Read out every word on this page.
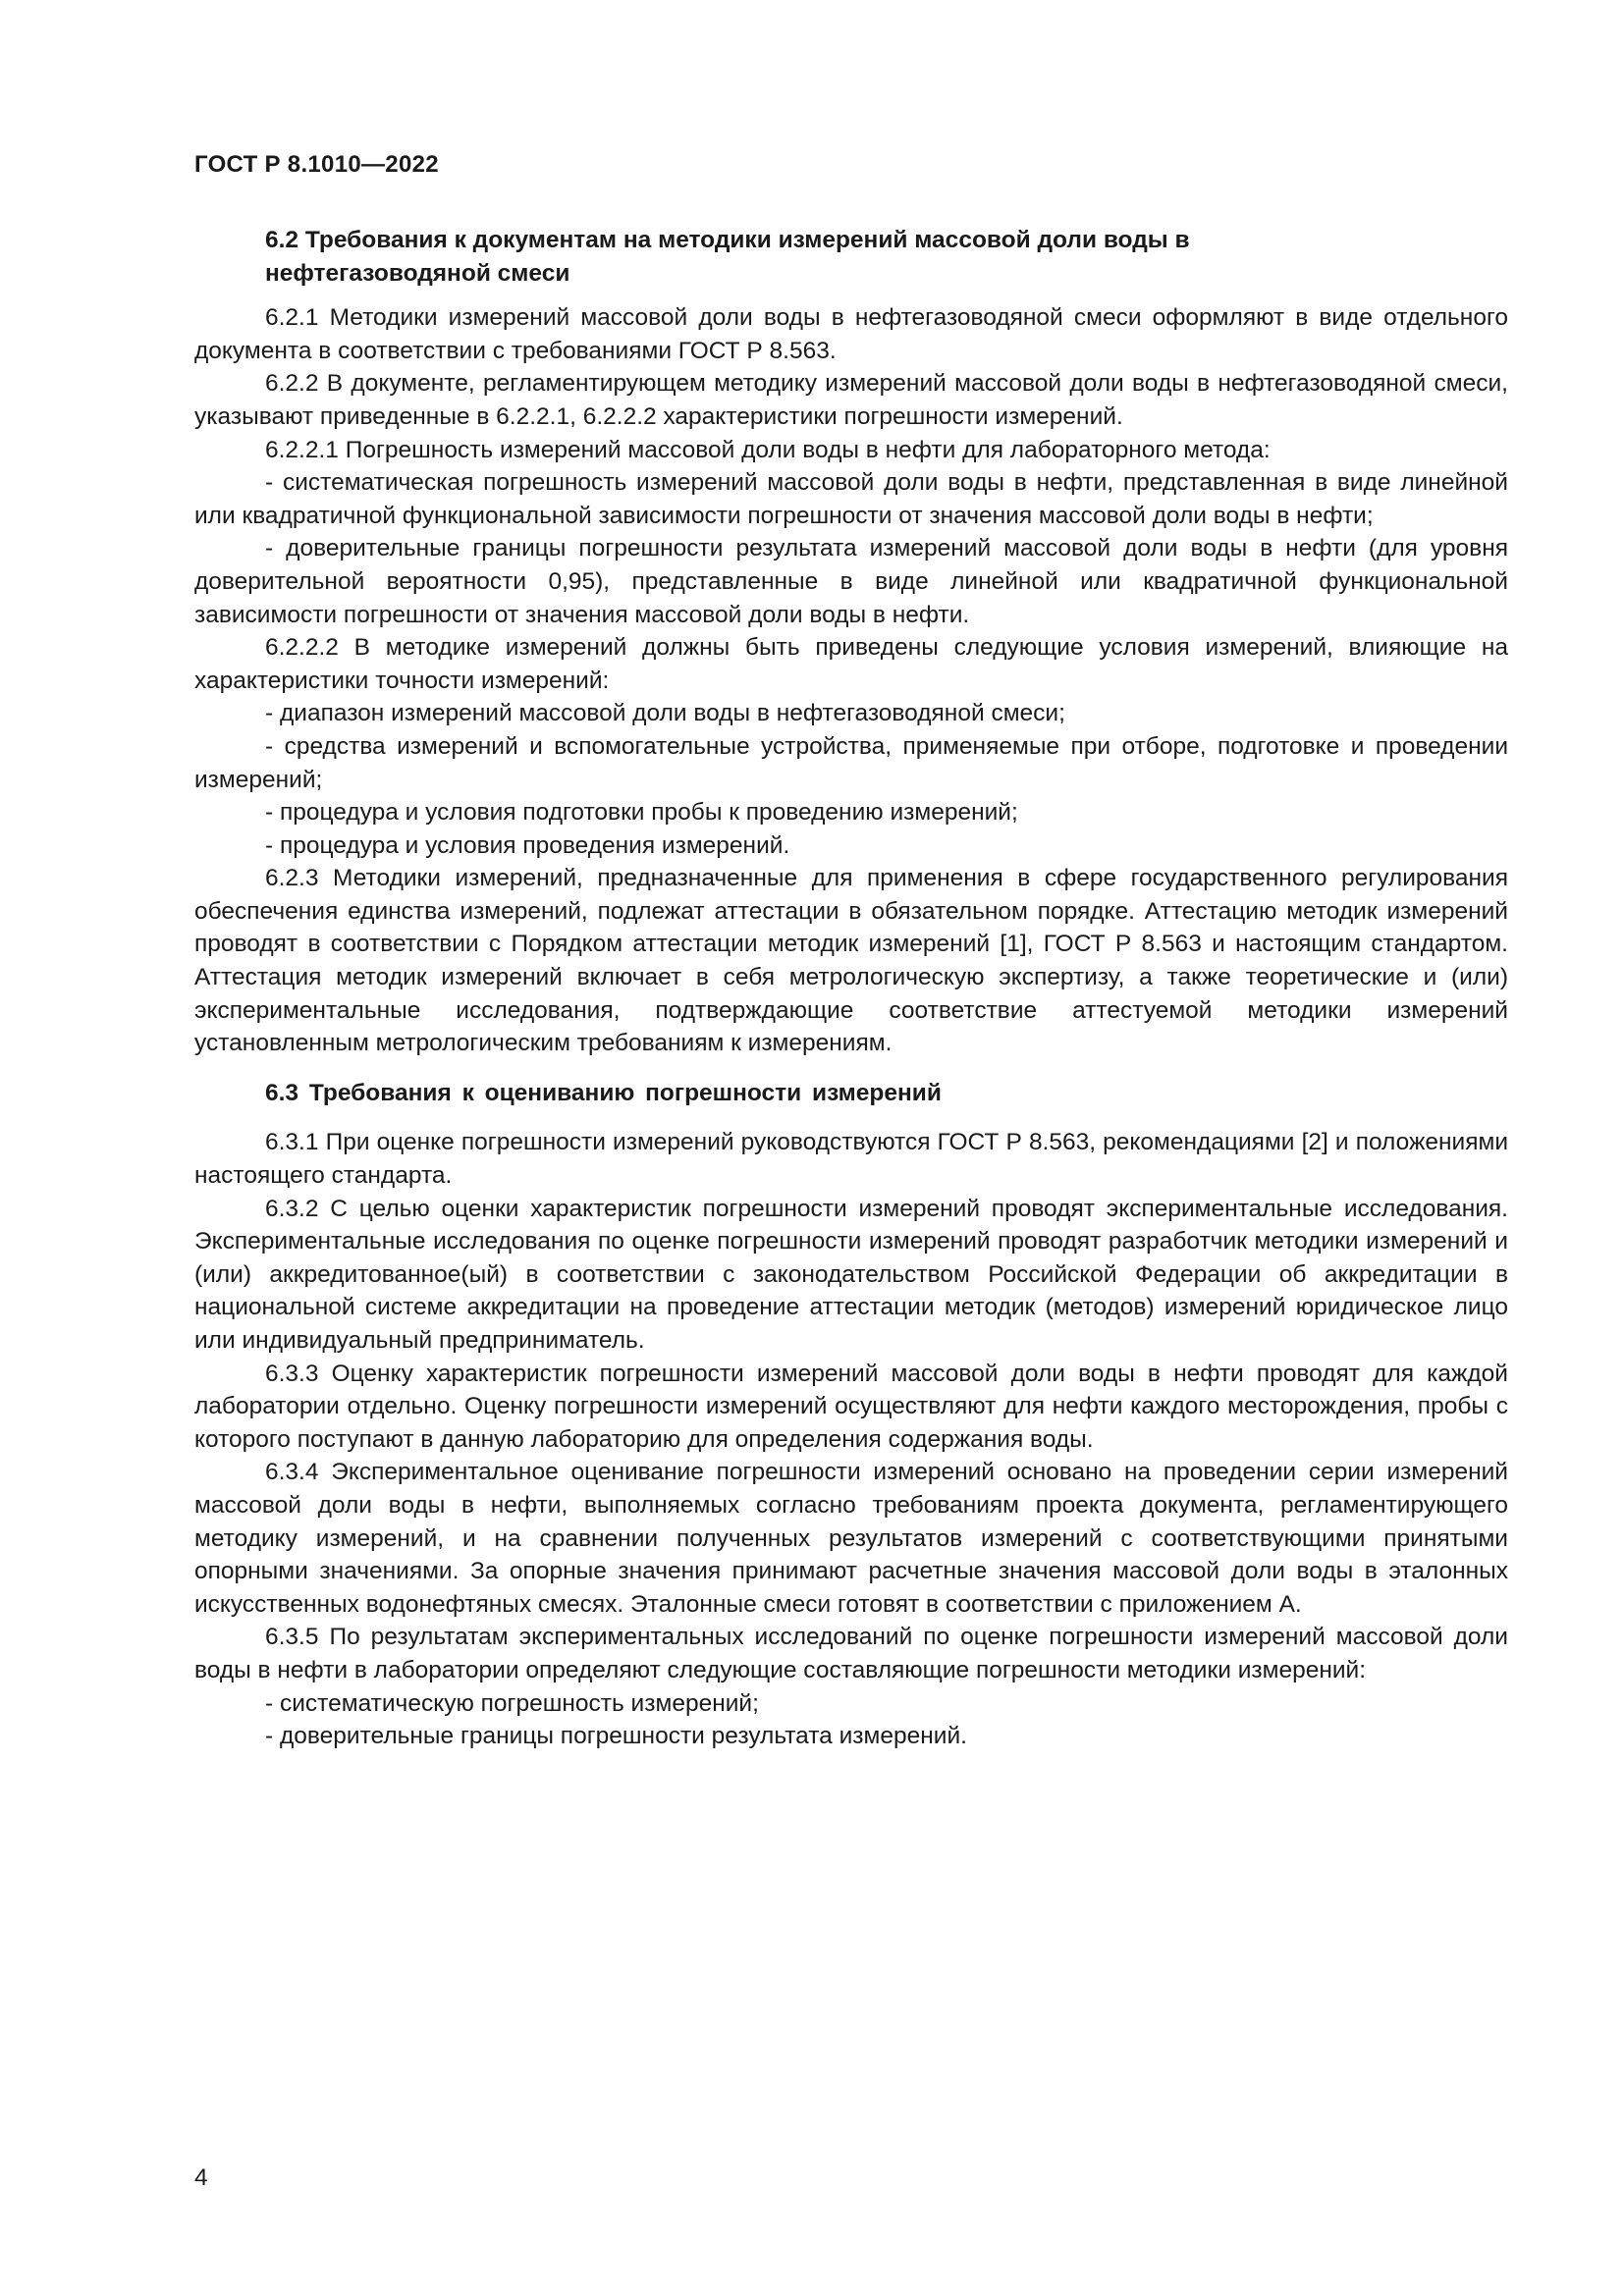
ГОСТ Р 8.1010—2022
6.2 Требования к документам на методики измерений массовой доли воды в нефтегазоводяной смеси

6.2.1 Методики измерений массовой доли воды в нефтегазоводяной смеси оформляют в виде отдельного документа в соответствии с требованиями ГОСТ Р 8.563.

6.2.2 В документе, регламентирующем методику измерений массовой доли воды в нефтегазоводяной смеси, указывают приведенные в 6.2.2.1, 6.2.2.2 характеристики погрешности измерений.

6.2.2.1 Погрешность измерений массовой доли воды в нефти для лабораторного метода:

- систематическая погрешность измерений массовой доли воды в нефти, представленная в виде линейной или квадратичной функциональной зависимости погрешности от значения массовой доли воды в нефти;

- доверительные границы погрешности результата измерений массовой доли воды в нефти (для уровня доверительной вероятности 0,95), представленные в виде линейной или квадратичной функциональной зависимости погрешности от значения массовой доли воды в нефти.

6.2.2.2 В методике измерений должны быть приведены следующие условия измерений, влияющие на характеристики точности измерений:

- диапазон измерений массовой доли воды в нефтегазоводяной смеси;

- средства измерений и вспомогательные устройства, применяемые при отборе, подготовке и проведении измерений;

- процедура и условия подготовки пробы к проведению измерений;

- процедура и условия проведения измерений.

6.2.3 Методики измерений, предназначенные для применения в сфере государственного регулирования обеспечения единства измерений, подлежат аттестации в обязательном порядке. Аттестацию методик измерений проводят в соответствии с Порядком аттестации методик измерений [1], ГОСТ Р 8.563 и настоящим стандартом. Аттестация методик измерений включает в себя метрологическую экспертизу, а также теоретические и (или) экспериментальные исследования, подтверждающие соответствие аттестуемой методики измерений установленным метрологическим требованиям к измерениям.

6.3 Требования к оцениванию погрешности измерений

6.3.1 При оценке погрешности измерений руководствуются ГОСТ Р 8.563, рекомендациями [2] и положениями настоящего стандарта.

6.3.2 С целью оценки характеристик погрешности измерений проводят экспериментальные исследования. Экспериментальные исследования по оценке погрешности измерений проводят разработчик методики измерений и (или) аккредитованное(ый) в соответствии с законодательством Российской Федерации об аккредитации в национальной системе аккредитации на проведение аттестации методик (методов) измерений юридическое лицо или индивидуальный предприниматель.

6.3.3 Оценку характеристик погрешности измерений массовой доли воды в нефти проводят для каждой лаборатории отдельно. Оценку погрешности измерений осуществляют для нефти каждого месторождения, пробы с которого поступают в данную лабораторию для определения содержания воды.

6.3.4 Экспериментальное оценивание погрешности измерений основано на проведении серии измерений массовой доли воды в нефти, выполняемых согласно требованиям проекта документа, регламентирующего методику измерений, и на сравнении полученных результатов измерений с соответствующими принятыми опорными значениями. За опорные значения принимают расчетные значения массовой доли воды в эталонных искусственных водонефтяных смесях. Эталонные смеси готовят в соответствии с приложением А.

6.3.5 По результатам экспериментальных исследований по оценке погрешности измерений массовой доли воды в нефти в лаборатории определяют следующие составляющие погрешности методики измерений:

- систематическую погрешность измерений;

- доверительные границы погрешности результата измерений.

4
